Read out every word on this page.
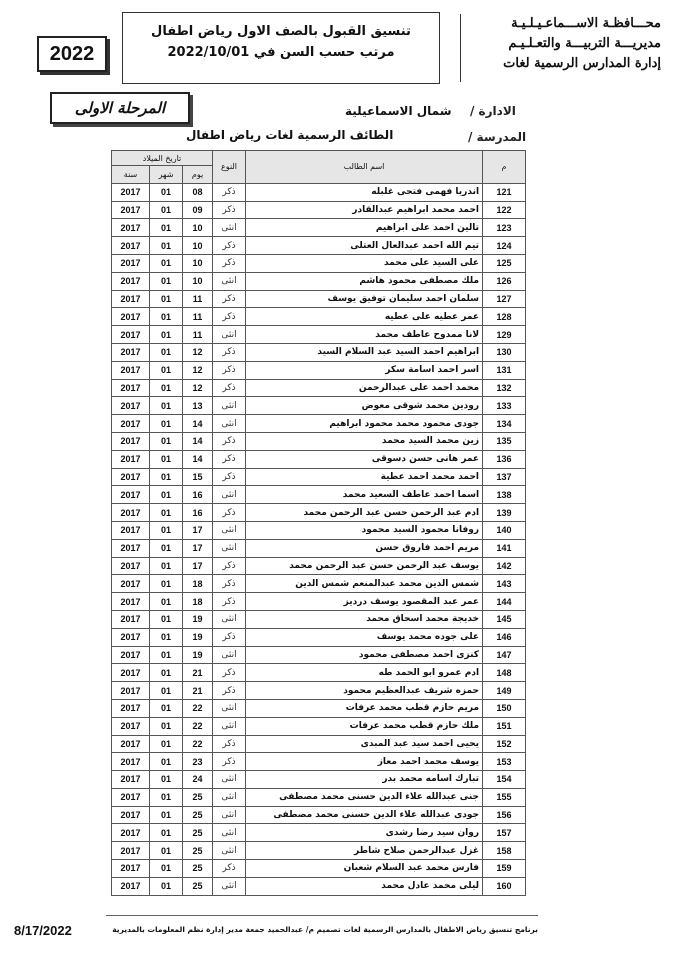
2022
تنسيق القبول بالصف الاول رياض اطفال
مرتب حسب السن في 2022/10/01
محـــافظـة الاســـماعـيـلـيـة
مديريـــة التربيـــة والتعـلـيـم
إدارة المدارس الرسمية لغات
المرحلة الاولى	الادارة /
شمال الاسماعيلية
المدرسة /
الطائف الرسمية لغات رياض اطفال
تاريخ الميلاد			النوع	اسم الطالب	م
سنة	شهر	يوم			
2017	01	08	ذكر	اندريا فهمى فتحى غلبله	121
2017	01	09	ذكر	احمد محمد ابراهيم عبدالقادر	122
2017	01	10	انثى	تالين احمد على ابراهيم	123
2017	01	10	ذكر	تيم الله احمد عبدالعال العتلى	124
2017	01	10	ذكر	على السيد على محمد	125
2017	01	10	انثى	ملك مصطفى محمود هاشم	126
2017	01	11	ذكر	سلمان احمد سليمان توفيق يوسف	127
2017	01	11	ذكر	عمر عطيه على عطيه	128
2017	01	11	انثى	لانا ممدوح عاطف محمد	129
2017	01	12	ذكر	ابراهيم احمد السيد عبد السلام السيد	130
2017	01	12	ذكر	اسر احمد اسامة سكر	131
2017	01	12	ذكر	محمد احمد على عبدالرحمن	132
2017	01	13	انثى	رودين محمد شوقى معوض	133
2017	01	14	انثى	جودى محمود محمد محمود ابراهيم	134
2017	01	14	ذكر	زين محمد السيد محمد	135
2017	01	14	ذكر	عمر هانى حسن دسوقى	136
2017	01	15	ذكر	احمد محمد احمد عطية	137
2017	01	16	انثى	اسما احمد عاطف السعيد محمد	138
2017	01	16	ذكر	ادم عبد الرحمن حسن عبد الرحمن محمد	139
2017	01	17	انثى	روفانا محمود السيد محمود	140
2017	01	17	انثى	مريم احمد فاروق حسن	141
2017	01	17	ذكر	يوسف عبد الرحمن حسن عبد الرحمن محمد	142
2017	01	18	ذكر	شمس الدين محمد عبدالمنعم شمس الدين	143
2017	01	18	ذكر	عمر عبد المقصود يوسف درديز	144
2017	01	19	انثى	خديجة محمد اسحاق محمد	145
2017	01	19	ذكر	على جوده محمد يوسف	146
2017	01	19	انثى	كنزى احمد مصطفى محمود	147
2017	01	21	ذكر	ادم عمرو ابو الحمد طه	148
2017	01	21	ذكر	حمزه شريف عبدالعظيم محمود	149
2017	01	22	انثى	مريم حازم قطب محمد عرفات	150
2017	01	22	انثى	ملك حازم قطب محمد عرفات	151
2017	01	22	ذكر	يحيى احمد سيد عبد المبدى	152
2017	01	23	ذكر	يوسف محمد احمد معاز	153
2017	01	24	انثى	تبارك اسامه محمد بدر	154
2017	01	25	انثى	جنى عبدالله علاء الدين حسنى محمد مصطفى	155
2017	01	25	انثى	جودى عبدالله علاء الدين حسنى محمد مصطفى	156
2017	01	25	انثى	روان سيد رضا رشدى	157
2017	01	25	انثى	غزل عبدالرحمن صلاح شاطر	158
2017	01	25	ذكر	فارس محمد عبد السلام شعبان	159
2017	01	25	انثى	ليلى محمد عادل محمد	160
8/17/2022	برنامج تنسيق رياض الاطفال بالمدارس الرسمية لغات تصميم م/ عبدالحميد جمعة مدير إدارة نظم المعلومات بالمديرية
